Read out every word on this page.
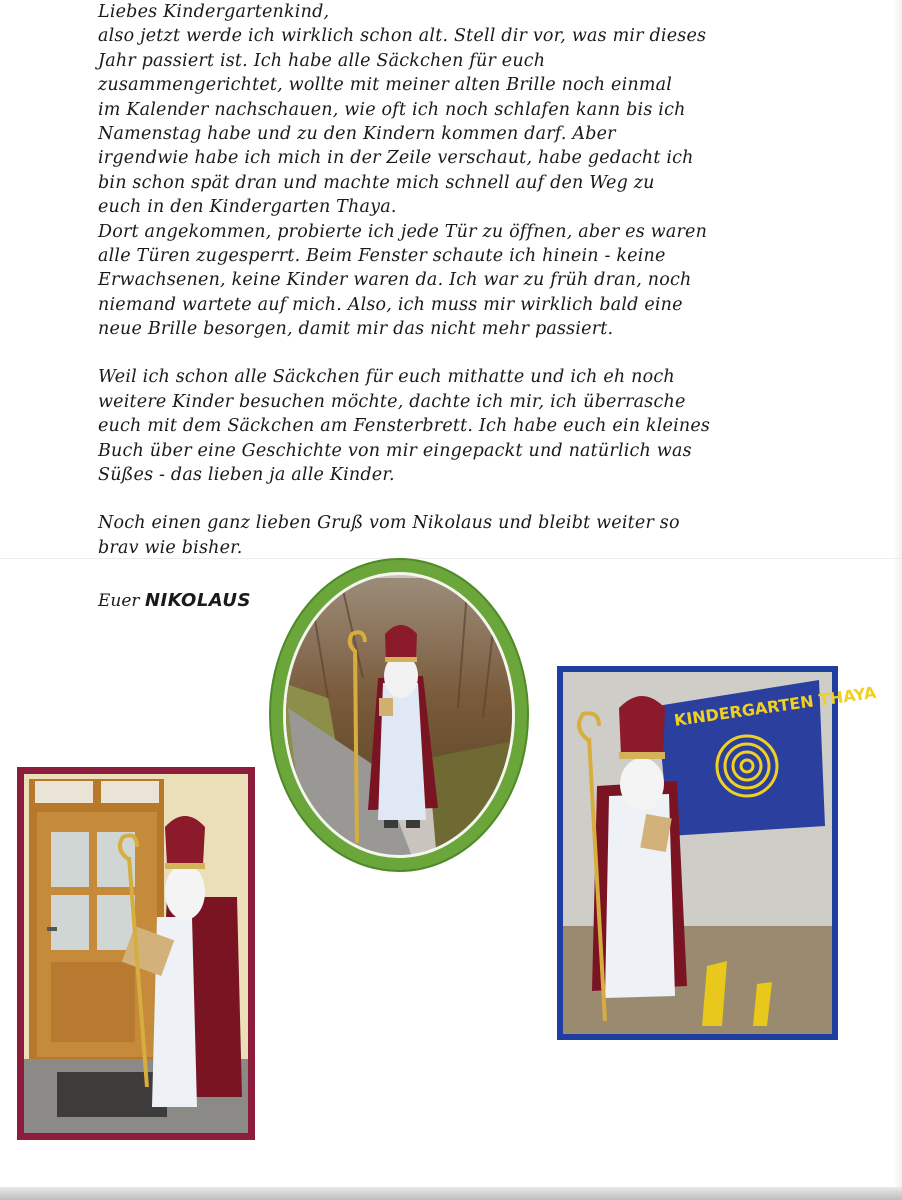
Liebes Kindergartenkind,
also jetzt werde ich wirklich schon alt. Stell dir vor, was mir dieses
Jahr passiert ist. Ich habe alle Säckchen für euch
zusammengerichtet, wollte mit meiner alten Brille noch einmal
im Kalender nachschauen, wie oft ich noch schlafen kann bis ich
Namenstag habe und zu den Kindern kommen darf. Aber
irgendwie habe ich mich in der Zeile verschaut, habe gedacht ich
bin schon spät dran und machte mich schnell auf den Weg zu
euch in den Kindergarten Thaya.
Dort angekommen, probierte ich jede Tür zu öffnen, aber es waren
alle Türen zugesperrt. Beim Fenster schaute ich hinein - keine
Erwachsenen, keine Kinder waren da. Ich war zu früh dran, noch
niemand wartete auf mich. Also, ich muss mir wirklich bald eine
neue Brille besorgen, damit mir das nicht mehr passiert.
Weil ich schon alle Säckchen für euch mithatte und ich eh noch
weitere Kinder besuchen möchte, dachte ich mir, ich überrasche
euch mit dem Säckchen am Fensterbrett. Ich habe euch ein kleines
Buch über eine Geschichte von mir eingepackt und natürlich was
Süßes - das lieben ja alle Kinder.
Noch einen ganz lieben Gruß vom Nikolaus und bleibt weiter so
brav wie bisher.
Euer NIKOLAUS
KINDERGARTEN THAYA
